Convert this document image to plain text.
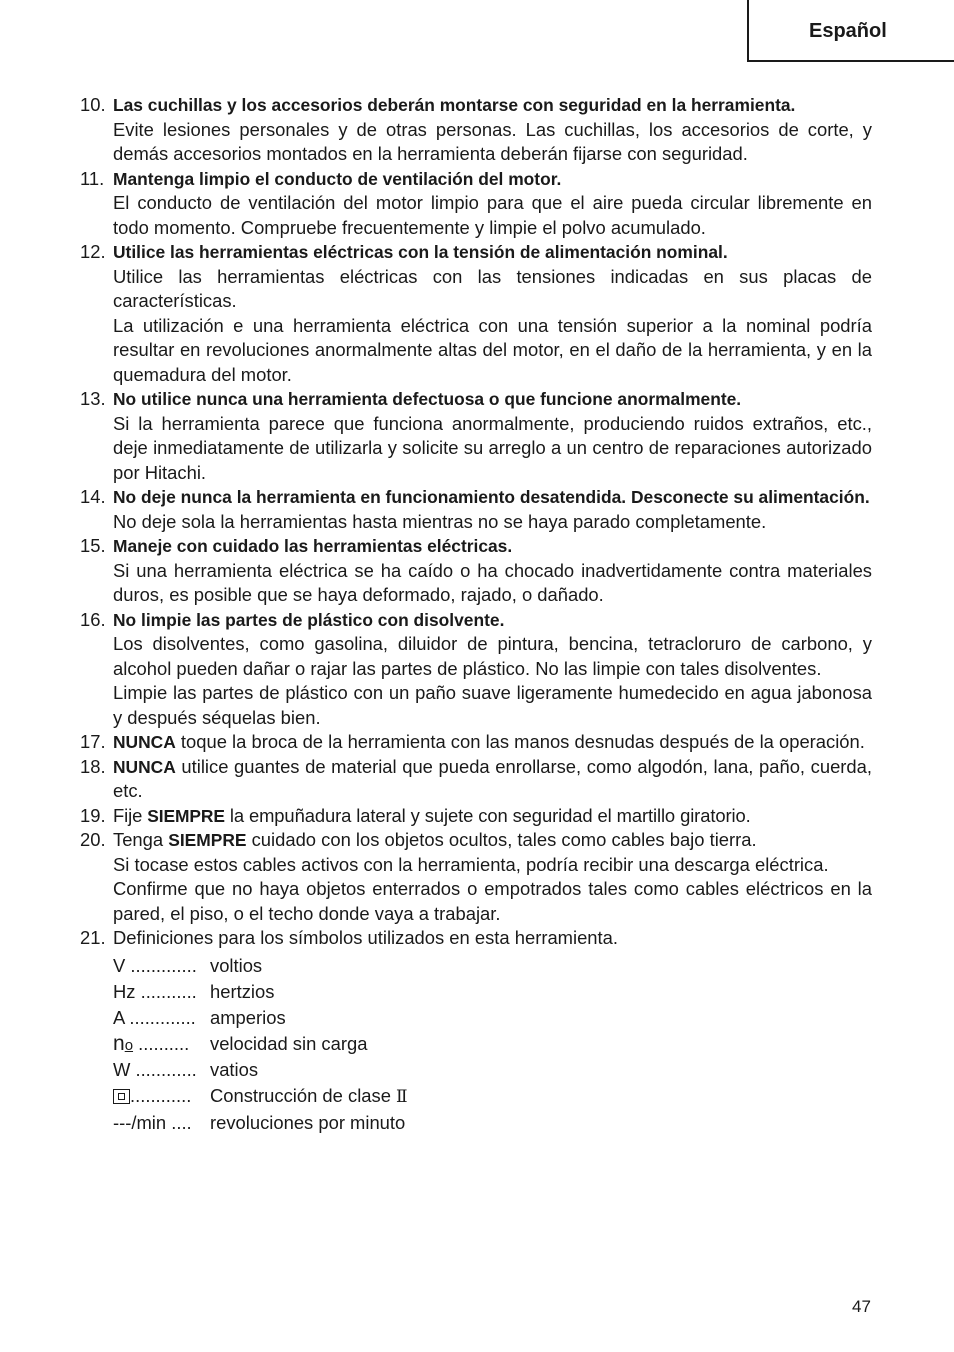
Español
10. Las cuchillas y los accesorios deberán montarse con seguridad en la herramienta.

Evite lesiones personales y de otras personas. Las cuchillas, los accesorios de corte, y demás accesorios montados en la herramienta deberán fijarse con seguridad.

11. Mantenga limpio el conducto de ventilación del motor.

El conducto de ventilación del motor limpio para que el aire pueda circular libremente en todo momento. Compruebe frecuentemente y limpie el polvo acumulado.

12. Utilice las herramientas eléctricas con la tensión de alimentación nominal.

Utilice las herramientas eléctricas con las tensiones indicadas en sus placas de características.

La utilización e una herramienta eléctrica con una tensión superior a la nominal podría resultar en revoluciones anormalmente altas del motor, en el daño de la herramienta, y en la quemadura del motor.

13. No utilice nunca una herramienta defectuosa o que funcione anormalmente.

Si la herramienta parece que funciona anormalmente, produciendo ruidos extraños, etc., deje inmediatamente de utilizarla y solicite su arreglo a un centro de reparaciones autorizado por Hitachi.

14. No deje nunca la herramienta en funcionamiento desatendida. Desconecte su alimentación.

No deje sola la herramientas hasta mientras no se haya parado completamente.

15. Maneje con cuidado las herramientas eléctricas.

Si una herramienta eléctrica se ha caído o ha chocado inadvertidamente contra materiales duros, es posible que se haya deformado, rajado, o dañado.

16. No limpie las partes de plástico con disolvente.

Los disolventes, como gasolina, diluidor de pintura, bencina, tetracloruro de carbono, y alcohol pueden dañar o rajar las partes de plástico. No las limpie con tales disolventes.

Limpie las partes de plástico con un paño suave ligeramente humedecido en agua jabonosa y después séquelas bien.

17. NUNCA toque la broca de la herramienta con las manos desnudas después de la operación.

18. NUNCA utilice guantes de material que pueda enrollarse, como algodón, lana, paño, cuerda, etc.

19. Fije SIEMPRE la empuñadura lateral y sujete con seguridad el martillo giratorio.

20. Tenga SIEMPRE cuidado con los objetos ocultos, tales como cables bajo tierra.

Si tocase estos cables activos con la herramienta, podría recibir una descarga eléctrica.

Confirme que no haya objetos enterrados o empotrados tales como cables eléctricos en la pared, el piso, o el techo donde vaya a trabajar.

21. Definiciones para los símbolos utilizados en esta herramienta.

V ............. voltios
Hz ........... hertzios
A ............. amperios
no ..........	velocidad sin carga
W ............ vatios
............	Construcción de clase Ⅱ
---/min .... revoluciones por minuto
47
